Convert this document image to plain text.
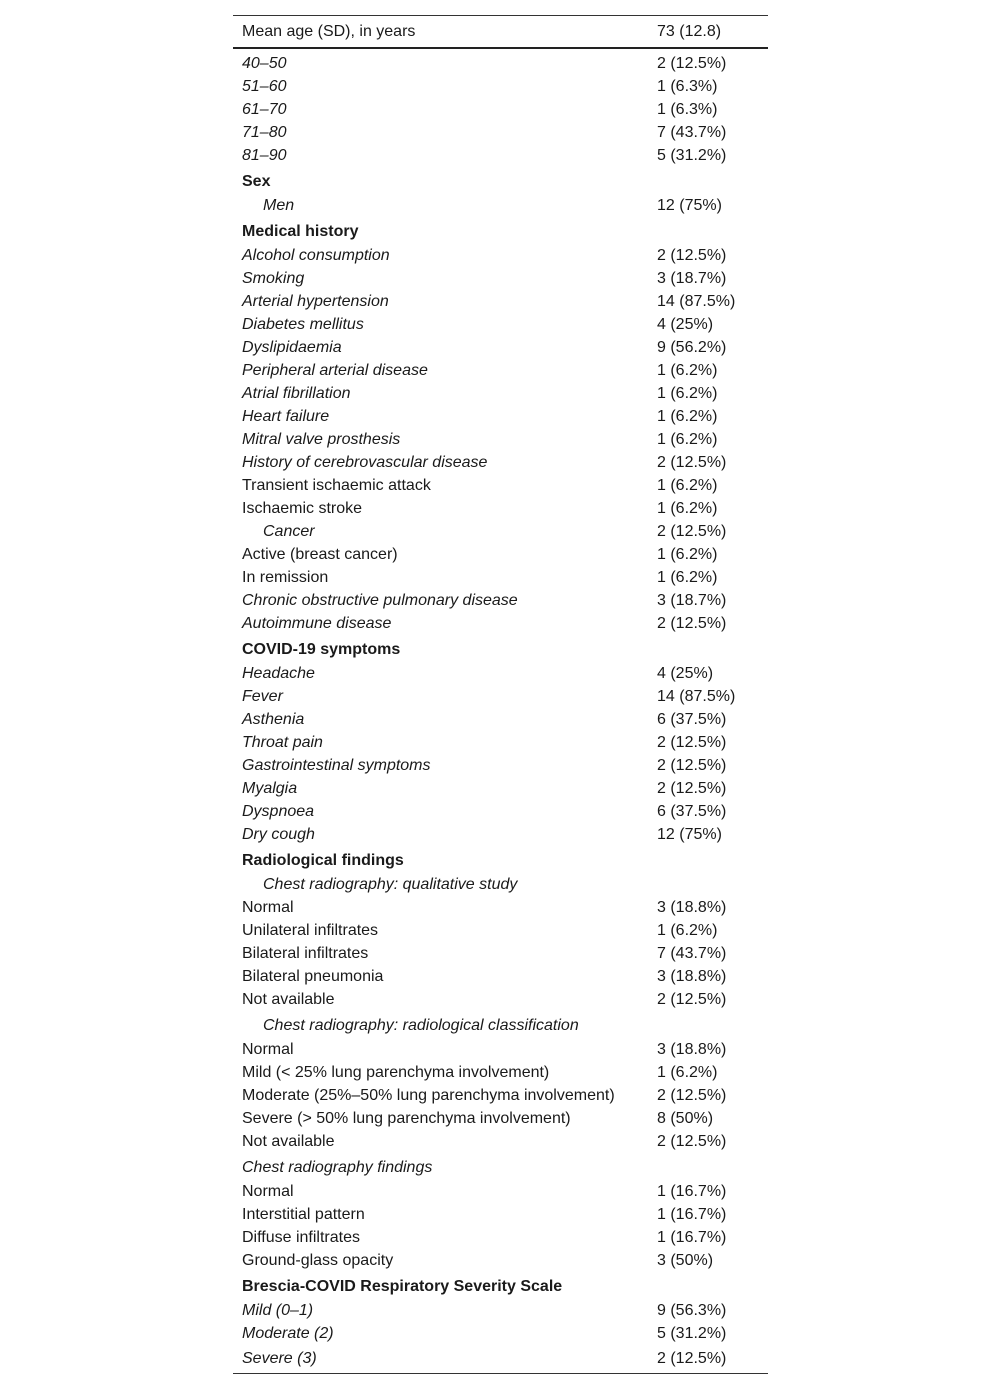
Mean age (SD), in years	73 (12.8)
40–50	2 (12.5%)
51–60	1 (6.3%)
61–70	1 (6.3%)
71–80	7 (43.7%)
81–90	5 (31.2%)
Sex	
Men	12 (75%)
Medical history	
Alcohol consumption	2 (12.5%)
Smoking	3 (18.7%)
Arterial hypertension	14 (87.5%)
Diabetes mellitus	4 (25%)
Dyslipidaemia	9 (56.2%)
Peripheral arterial disease	1 (6.2%)
Atrial fibrillation	1 (6.2%)
Heart failure	1 (6.2%)
Mitral valve prosthesis	1 (6.2%)
History of cerebrovascular disease	2 (12.5%)
Transient ischaemic attack	1 (6.2%)
Ischaemic stroke	1 (6.2%)
Cancer	2 (12.5%)
Active (breast cancer)	1 (6.2%)
In remission	1 (6.2%)
Chronic obstructive pulmonary disease	3 (18.7%)
Autoimmune disease	2 (12.5%)
COVID-19 symptoms	
Headache	4 (25%)
Fever	14 (87.5%)
Asthenia	6 (37.5%)
Throat pain	2 (12.5%)
Gastrointestinal symptoms	2 (12.5%)
Myalgia	2 (12.5%)
Dyspnoea	6 (37.5%)
Dry cough	12 (75%)
Radiological findings	
Chest radiography: qualitative study	
Normal	3 (18.8%)
Unilateral infiltrates	1 (6.2%)
Bilateral infiltrates	7 (43.7%)
Bilateral pneumonia	3 (18.8%)
Not available	2 (12.5%)
Chest radiography: radiological classification	
Normal	3 (18.8%)
Mild (< 25% lung parenchyma involvement)	1 (6.2%)
Moderate (25%–50% lung parenchyma involvement)	2 (12.5%)
Severe (> 50% lung parenchyma involvement)	8 (50%)
Not available	2 (12.5%)
Chest radiography findings	
Normal	1 (16.7%)
Interstitial pattern	1 (16.7%)
Diffuse infiltrates	1 (16.7%)
Ground-glass opacity	3 (50%)
Brescia-COVID Respiratory Severity Scale	
Mild (0–1)	9 (56.3%)
Moderate (2)	5 (31.2%)
Severe (3)	2 (12.5%)
